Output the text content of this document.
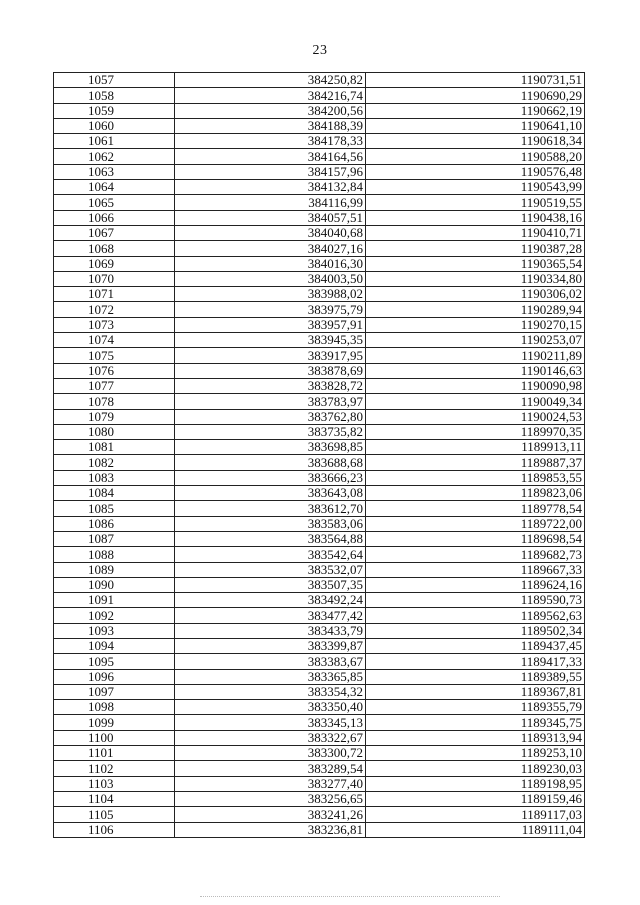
23
1057	384250,82	1190731,51
1058	384216,74	1190690,29
1059	384200,56	1190662,19
1060	384188,39	1190641,10
1061	384178,33	1190618,34
1062	384164,56	1190588,20
1063	384157,96	1190576,48
1064	384132,84	1190543,99
1065	384116,99	1190519,55
1066	384057,51	1190438,16
1067	384040,68	1190410,71
1068	384027,16	1190387,28
1069	384016,30	1190365,54
1070	384003,50	1190334,80
1071	383988,02	1190306,02
1072	383975,79	1190289,94
1073	383957,91	1190270,15
1074	383945,35	1190253,07
1075	383917,95	1190211,89
1076	383878,69	1190146,63
1077	383828,72	1190090,98
1078	383783,97	1190049,34
1079	383762,80	1190024,53
1080	383735,82	1189970,35
1081	383698,85	1189913,11
1082	383688,68	1189887,37
1083	383666,23	1189853,55
1084	383643,08	1189823,06
1085	383612,70	1189778,54
1086	383583,06	1189722,00
1087	383564,88	1189698,54
1088	383542,64	1189682,73
1089	383532,07	1189667,33
1090	383507,35	1189624,16
1091	383492,24	1189590,73
1092	383477,42	1189562,63
1093	383433,79	1189502,34
1094	383399,87	1189437,45
1095	383383,67	1189417,33
1096	383365,85	1189389,55
1097	383354,32	1189367,81
1098	383350,40	1189355,79
1099	383345,13	1189345,75
1100	383322,67	1189313,94
1101	383300,72	1189253,10
1102	383289,54	1189230,03
1103	383277,40	1189198,95
1104	383256,65	1189159,46
1105	383241,26	1189117,03
1106	383236,81	1189111,04
